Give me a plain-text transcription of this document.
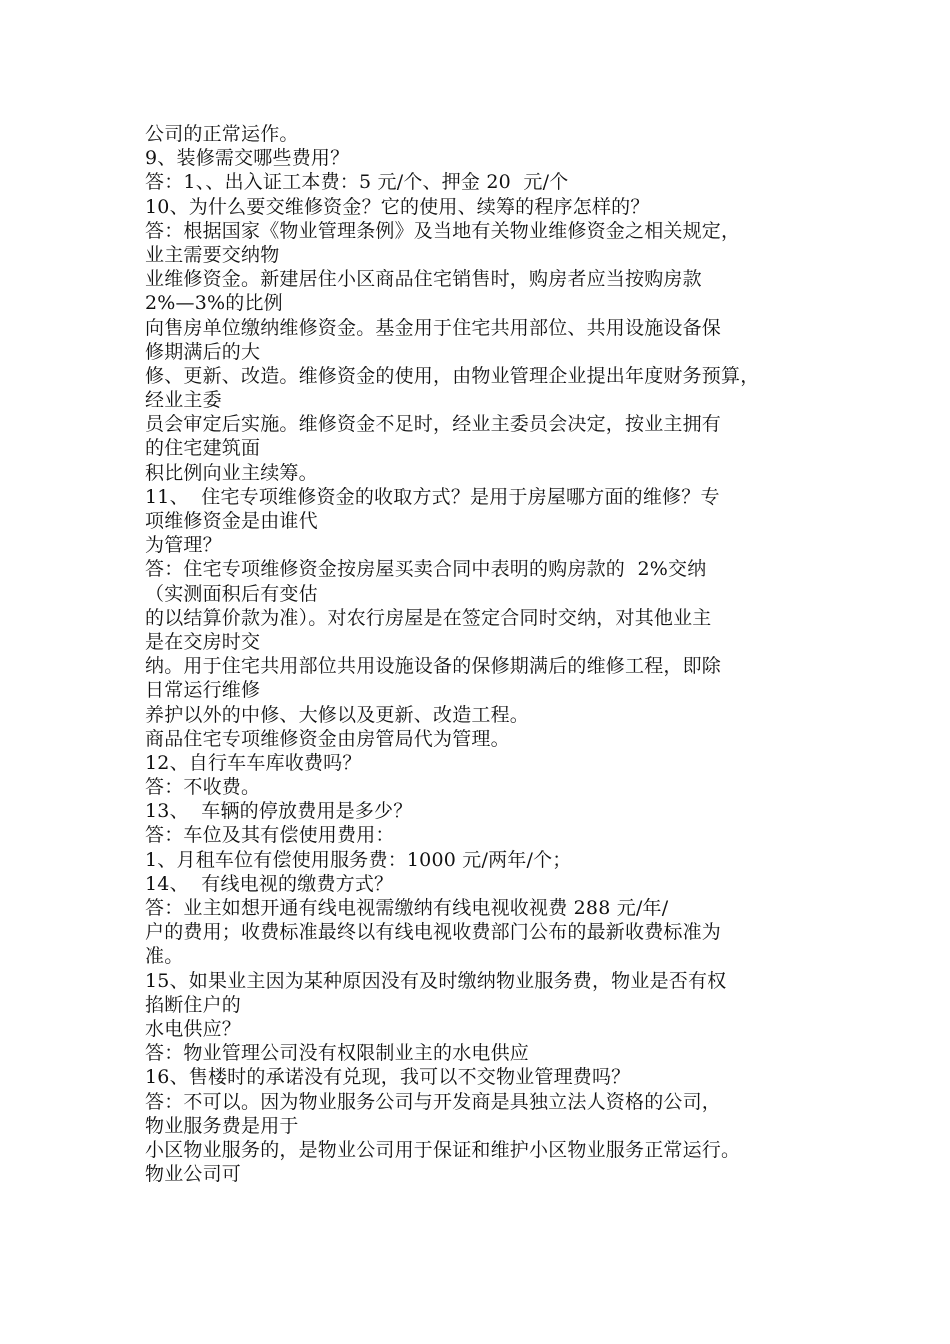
公司的正常运作。

9、装修需交哪些费用？

答：1、、出入证工本费：5 元/个、押金 20  元/个

10、为什么要交维修资金？它的使用、续筹的程序怎样的？

答：根据国家《物业管理条例》及当地有关物业维修资金之相关规定，

业主需要交纳物

业维修资金。新建居住小区商品住宅销售时，购房者应当按购房款

2%—3%的比例

向售房单位缴纳维修资金。基金用于住宅共用部位、共用设施设备保

修期满后的大

修、更新、改造。维修资金的使用，由物业管理企业提出年度财务预算，

经业主委

员会审定后实施。维修资金不足时，经业主委员会决定，按业主拥有

的住宅建筑面

积比例向业主续筹。

11、  住宅专项维修资金的收取方式？是用于房屋哪方面的维修？专

项维修资金是由谁代

为管理？

答：住宅专项维修资金按房屋买卖合同中表明的购房款的  2%交纳

（实测面积后有变估

的以结算价款为准）。对农行房屋是在签定合同时交纳，对其他业主

是在交房时交

纳。用于住宅共用部位共用设施设备的保修期满后的维修工程，即除

日常运行维修

养护以外的中修、大修以及更新、改造工程。

商品住宅专项维修资金由房管局代为管理。

12、自行车车库收费吗？

答：不收费。

13、  车辆的停放费用是多少？

答：车位及其有偿使用费用：

1、月租车位有偿使用服务费：1000 元/两年/个；

14、  有线电视的缴费方式？

答：业主如想开通有线电视需缴纳有线电视收视费 288 元/年/

户的费用；收费标准最终以有线电视收费部门公布的最新收费标准为

准。

15、如果业主因为某种原因没有及时缴纳物业服务费，物业是否有权

掐断住户的

水电供应？

答：物业管理公司没有权限制业主的水电供应

16、售楼时的承诺没有兑现，我可以不交物业管理费吗？

答：不可以。因为物业服务公司与开发商是具独立法人资格的公司，

物业服务费是用于

小区物业服务的，是物业公司用于保证和维护小区物业服务正常运行。

物业公司可
